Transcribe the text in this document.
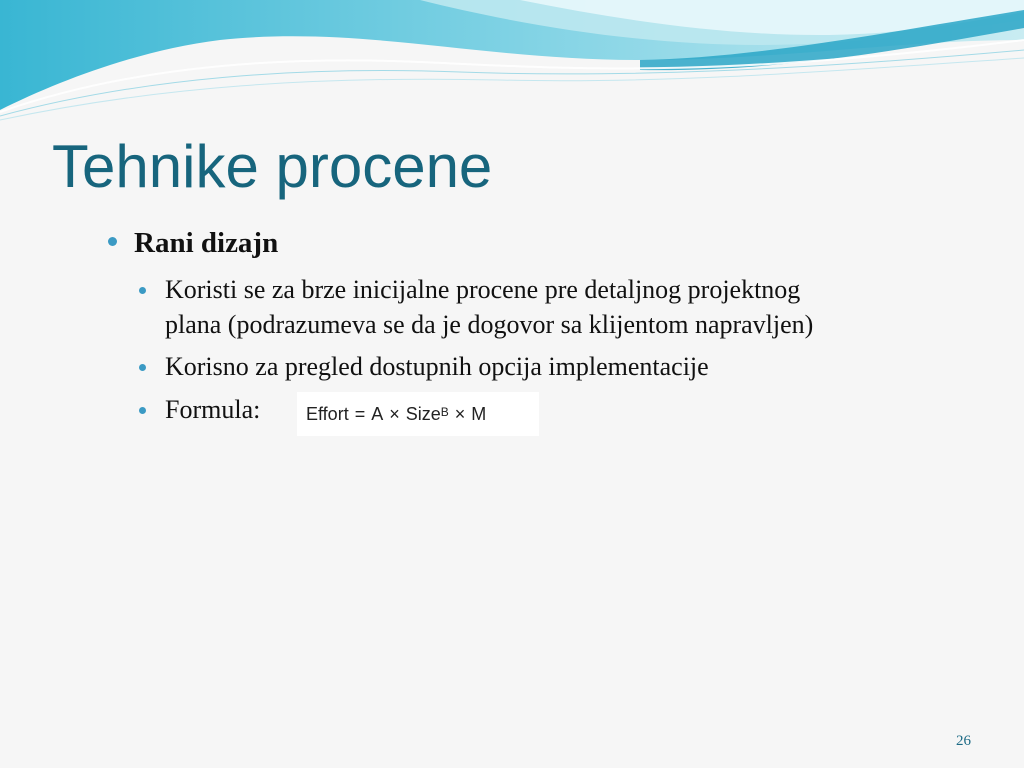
Tehnike procene
Rani dizajn
Koristi se za brze inicijalne procene pre detaljnog projektnog
plana (podrazumeva se da je dogovor sa klijentom napravljen)
Korisno za pregled dostupnih opcija implementacije
Formula:	Effort = A × Size$^B$ × M
26
